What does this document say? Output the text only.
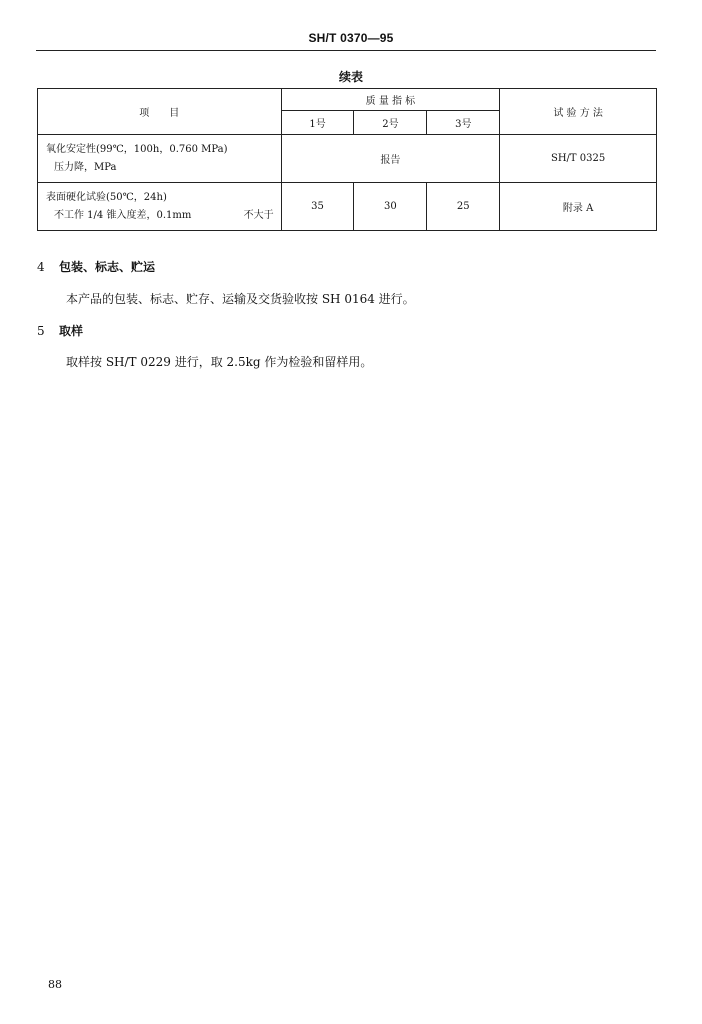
SH/T 0370—95
续表
项　　目	质 量 指 标			试 验 方 法
	1号	2号	3号	

氧化安定性(99℃，100h，0.760 MPa)
压力降，MPa	报告			SH/T 0325

表面硬化试验(50℃，24h)
不工作 1/4 锥入度差，0.1mm 不大于	35	30	25	附录 A
4 包装、标志、贮运
本产品的包装、标志、贮存、运输及交货验收按 SH 0164 进行。
5 取样
取样按 SH/T 0229 进行，取 2.5kg 作为检验和留样用。
88
